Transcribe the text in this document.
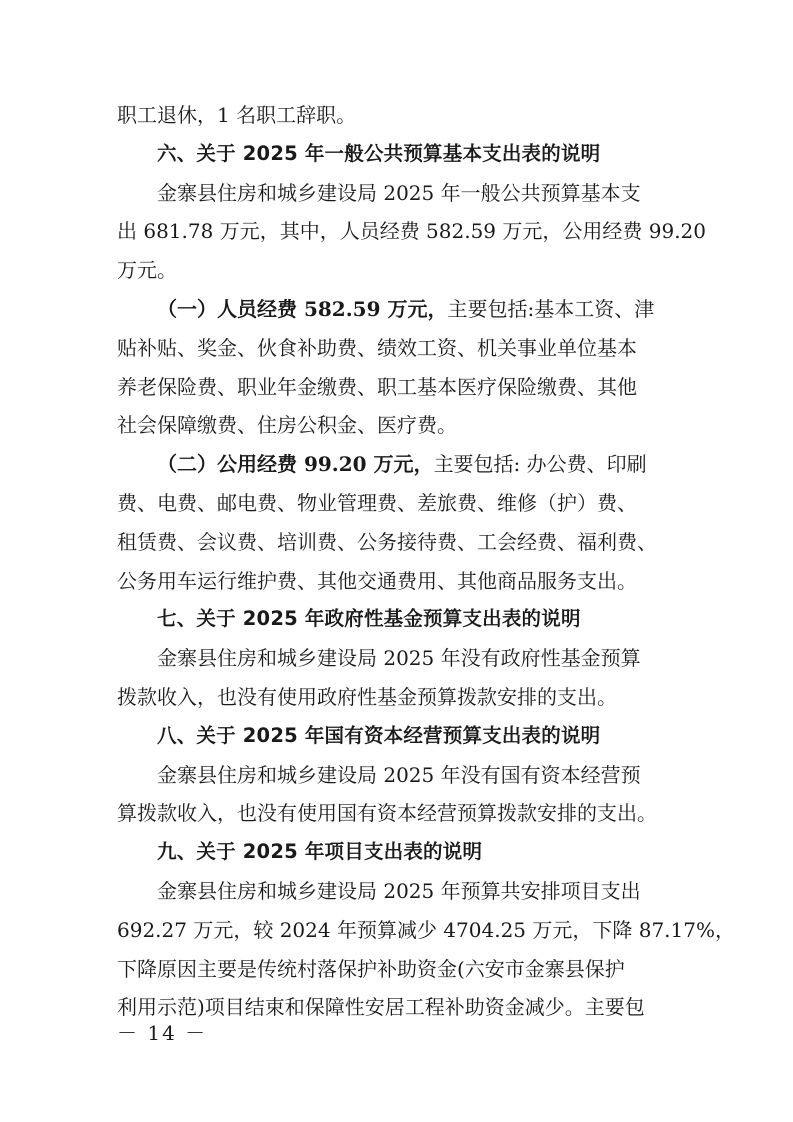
职工退休，1 名职工辞职。
六、关于 2025 年一般公共预算基本支出表的说明
金寨县住房和城乡建设局 2025 年一般公共预算基本支
出 681.78 万元，其中，人员经费 582.59 万元，公用经费 99.20
万元。
（一）人员经费 582.59 万元，主要包括:基本工资、津
贴补贴、奖金、伙食补助费、绩效工资、机关事业单位基本
养老保险费、职业年金缴费、职工基本医疗保险缴费、其他
社会保障缴费、住房公积金、医疗费。
（二）公用经费 99.20 万元，主要包括: 办公费、印刷
费、电费、邮电费、物业管理费、差旅费、维修（护）费、
租赁费、会议费、培训费、公务接待费、工会经费、福利费、
公务用车运行维护费、其他交通费用、其他商品服务支出。
七、关于 2025 年政府性基金预算支出表的说明
金寨县住房和城乡建设局 2025 年没有政府性基金预算
拨款收入，也没有使用政府性基金预算拨款安排的支出。
八、关于 2025 年国有资本经营预算支出表的说明
金寨县住房和城乡建设局 2025 年没有国有资本经营预
算拨款收入，也没有使用国有资本经营预算拨款安排的支出。
九、关于 2025 年项目支出表的说明
金寨县住房和城乡建设局 2025 年预算共安排项目支出
692.27 万元，较 2024 年预算减少 4704.25 万元，下降 87.17%，
下降原因主要是传统村落保护补助资金(六安市金寨县保护
利用示范)项目结束和保障性安居工程补助资金减少。主要包
－ 14 －
